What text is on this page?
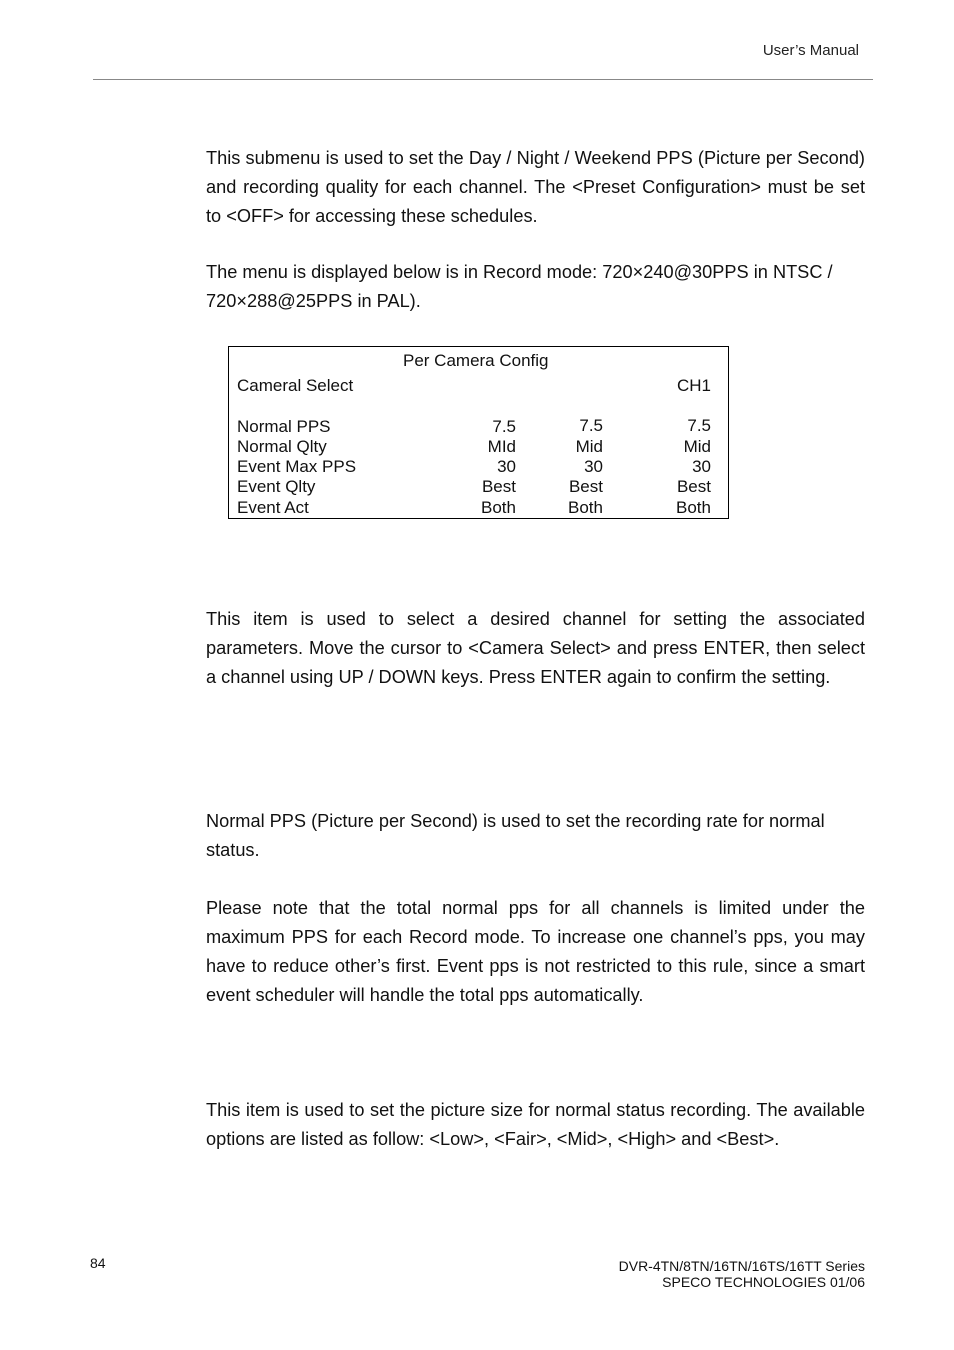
User’s Manual

This submenu is used to set the Day / Night / Weekend PPS (Picture per Second) and recording quality for each channel. The <Preset Configuration> must be set to <OFF> for accessing these schedules.

The menu is displayed below is in Record mode: 720×240@30PPS in NTSC / 720×288@25PPS in PAL).

Per Camera Config
Cameral Select	CH1
Normal PPS	7.5	7.5	7.5
Normal Qlty	MId	Mid	Mid
Event Max PPS	30	30	30
Event Qlty	Best	Best	Best
Event Act	Both	Both	Both

This item is used to select a desired channel for setting the associated parameters. Move the cursor to <Camera Select> and press ENTER, then select a channel using UP / DOWN keys. Press ENTER again to confirm the setting.

Normal PPS (Picture per Second) is used to set the recording rate for normal status.

Please note that the total normal pps for all channels is limited under the maximum PPS for each Record mode. To increase one channel’s pps, you may have to reduce other’s first. Event pps is not restricted to this rule, since a smart event scheduler will handle the total pps automatically.

This item is used to set the picture size for normal status recording. The available options are listed as follow: <Low>, <Fair>, <Mid>, <High> and <Best>.

84	DVR-4TN/8TN/16TN/16TS/16TT Series
SPECO TECHNOLOGIES 01/06
